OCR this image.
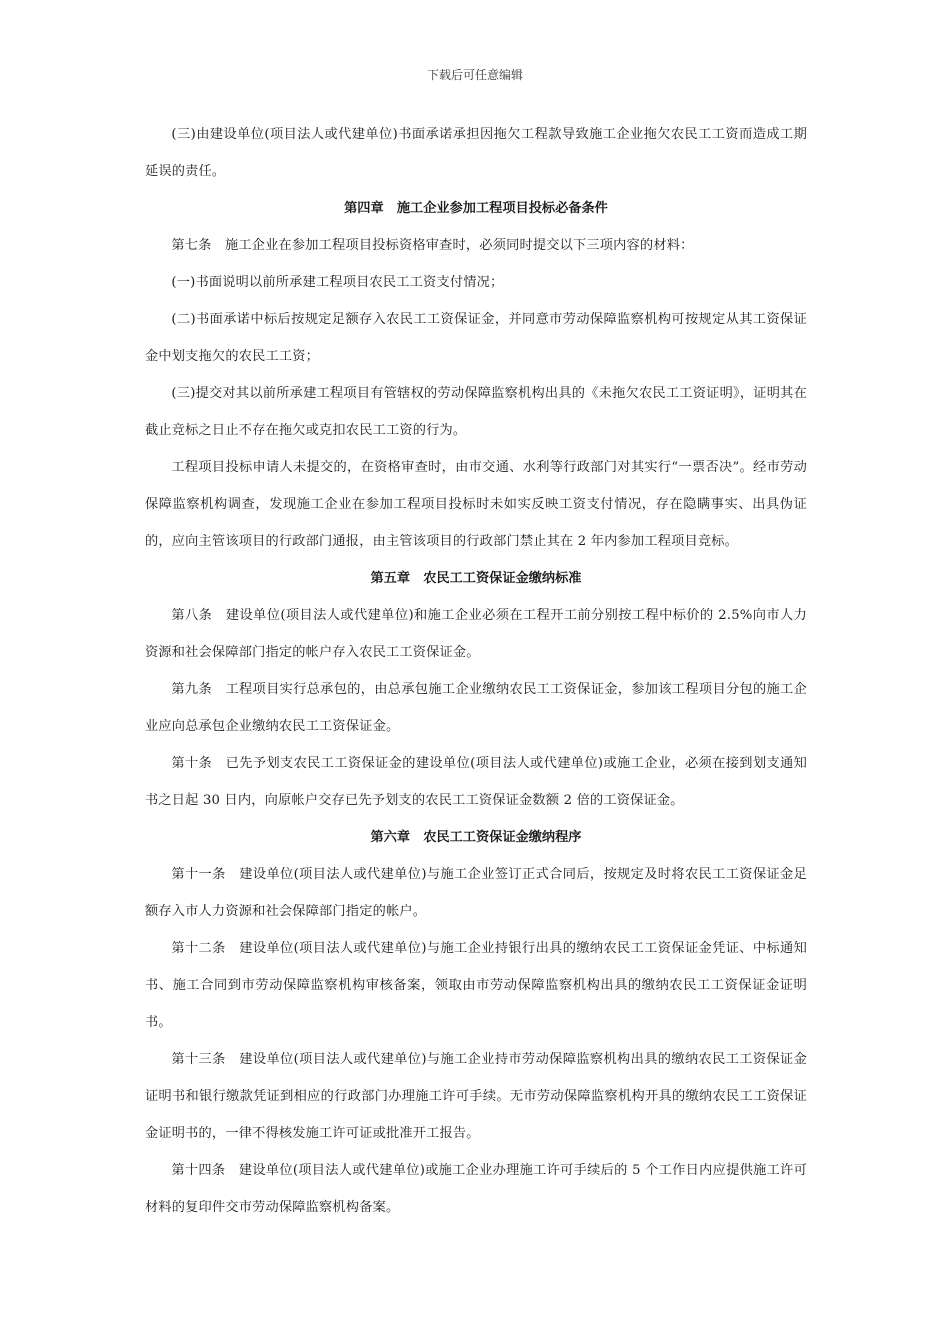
下载后可任意编辑

(三)由建设单位(项目法人或代建单位)书面承诺承担因拖欠工程款导致施工企业拖欠农民工工资而造成工期延误的责任。

第四章　施工企业参加工程项目投标必备条件

第七条　施工企业在参加工程项目投标资格审查时，必须同时提交以下三项内容的材料：

(一)书面说明以前所承建工程项目农民工工资支付情况；

(二)书面承诺中标后按规定足额存入农民工工资保证金，并同意市劳动保障监察机构可按规定从其工资保证金中划支拖欠的农民工工资；

(三)提交对其以前所承建工程项目有管辖权的劳动保障监察机构出具的《未拖欠农民工工资证明》，证明其在截止竞标之日止不存在拖欠或克扣农民工工资的行为。

工程项目投标申请人未提交的，在资格审查时，由市交通、水利等行政部门对其实行“一票否决”。经市劳动保障监察机构调查，发现施工企业在参加工程项目投标时未如实反映工资支付情况，存在隐瞒事实、出具伪证的，应向主管该项目的行政部门通报，由主管该项目的行政部门禁止其在 2 年内参加工程项目竞标。

第五章　农民工工资保证金缴纳标准

第八条　建设单位(项目法人或代建单位)和施工企业必须在工程开工前分别按工程中标价的 2.5%向市人力资源和社会保障部门指定的帐户存入农民工工资保证金。

第九条　工程项目实行总承包的，由总承包施工企业缴纳农民工工资保证金，参加该工程项目分包的施工企业应向总承包企业缴纳农民工工资保证金。

第十条　已先予划支农民工工资保证金的建设单位(项目法人或代建单位)或施工企业，必须在接到划支通知书之日起 30 日内，向原帐户交存已先予划支的农民工工资保证金数额 2 倍的工资保证金。

第六章　农民工工资保证金缴纳程序

第十一条　建设单位(项目法人或代建单位)与施工企业签订正式合同后，按规定及时将农民工工资保证金足额存入市人力资源和社会保障部门指定的帐户。

第十二条　建设单位(项目法人或代建单位)与施工企业持银行出具的缴纳农民工工资保证金凭证、中标通知书、施工合同到市劳动保障监察机构审核备案，领取由市劳动保障监察机构出具的缴纳农民工工资保证金证明书。

第十三条　建设单位(项目法人或代建单位)与施工企业持市劳动保障监察机构出具的缴纳农民工工资保证金证明书和银行缴款凭证到相应的行政部门办理施工许可手续。无市劳动保障监察机构开具的缴纳农民工工资保证金证明书的，一律不得核发施工许可证或批准开工报告。

第十四条　建设单位(项目法人或代建单位)或施工企业办理施工许可手续后的 5 个工作日内应提供施工许可材料的复印件交市劳动保障监察机构备案。
